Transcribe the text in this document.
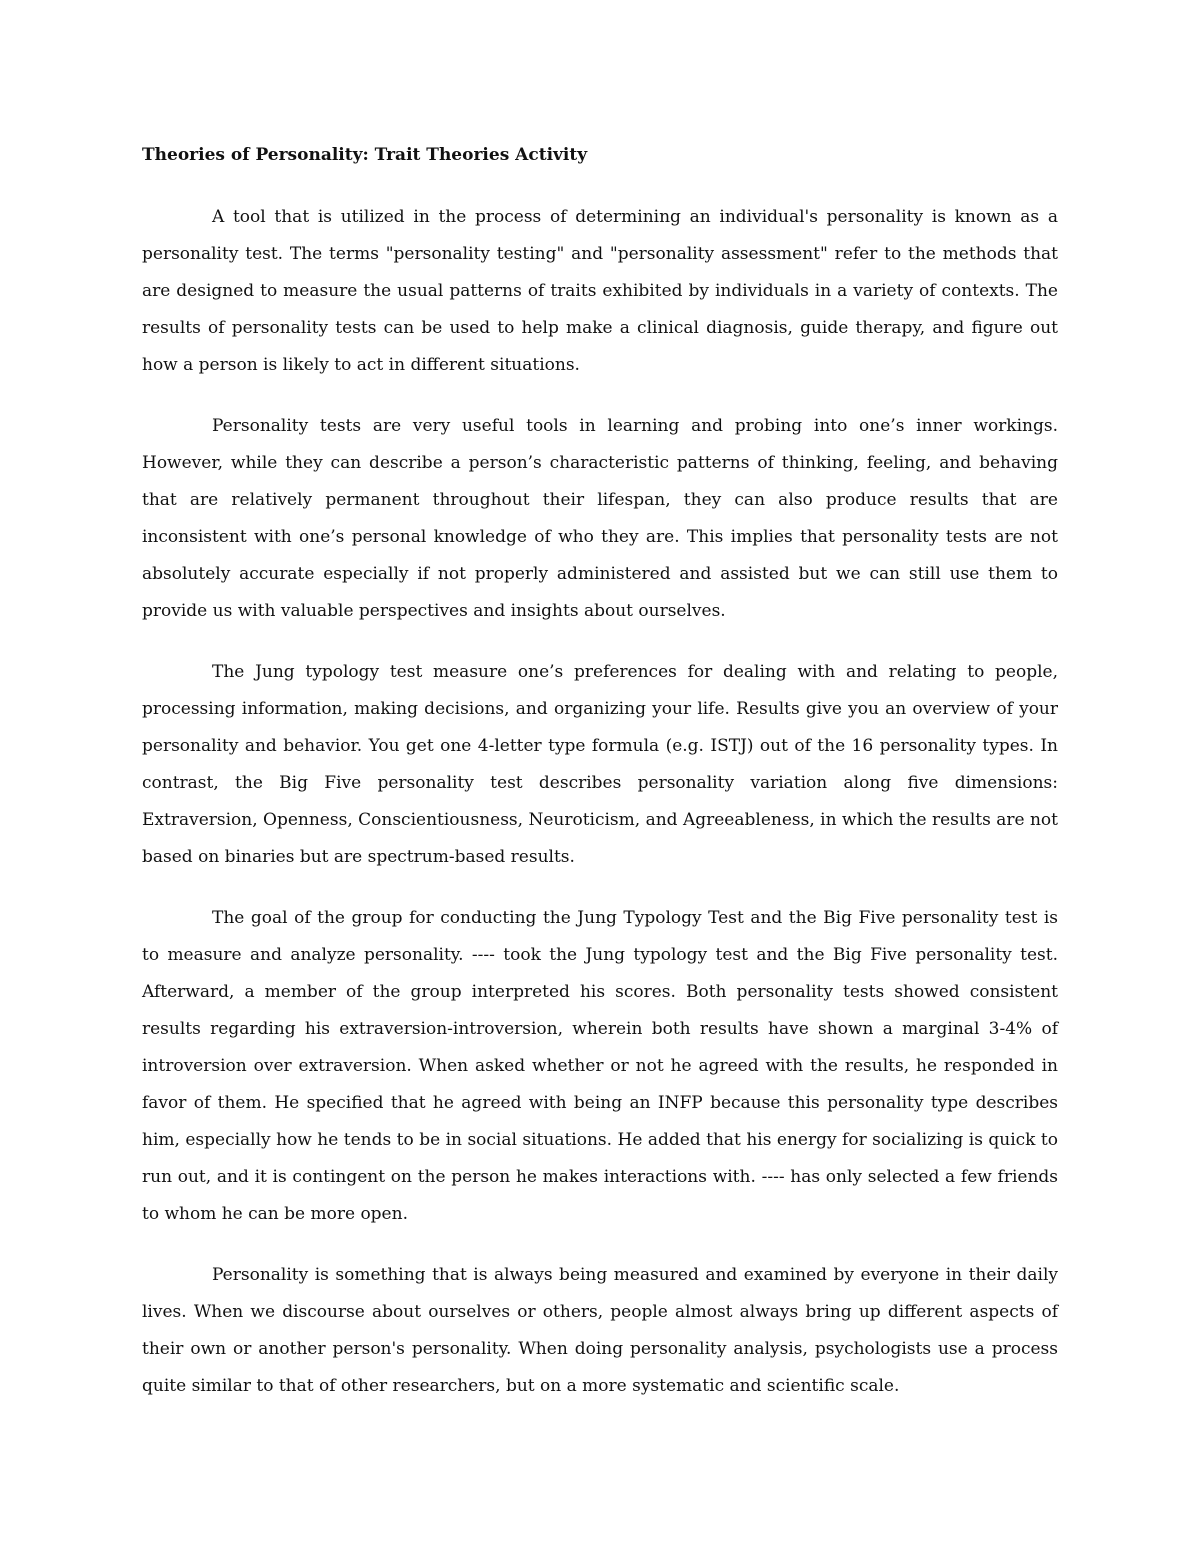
Theories of Personality: Trait Theories Activity

A tool that is utilized in the process of determining an individual's personality is known as a personality test. The terms "personality testing" and "personality assessment" refer to the methods that are designed to measure the usual patterns of traits exhibited by individuals in a variety of contexts. The results of personality tests can be used to help make a clinical diagnosis, guide therapy, and figure out how a person is likely to act in different situations.

Personality tests are very useful tools in learning and probing into one’s inner workings. However, while they can describe a person’s characteristic patterns of thinking, feeling, and behaving that are relatively permanent throughout their lifespan, they can also produce results that are inconsistent with one’s personal knowledge of who they are. This implies that personality tests are not absolutely accurate especially if not properly administered and assisted but we can still use them to provide us with valuable perspectives and insights about ourselves.

The Jung typology test measure one’s preferences for dealing with and relating to people, processing information, making decisions, and organizing your life. Results give you an overview of your personality and behavior. You get one 4-letter type formula (e.g. ISTJ) out of the 16 personality types. In contrast, the Big Five personality test describes personality variation along five dimensions: Extraversion, Openness, Conscientiousness, Neuroticism, and Agreeableness, in which the results are not based on binaries but are spectrum-based results.

The goal of the group for conducting the Jung Typology Test and the Big Five personality test is to measure and analyze personality. ---- took the Jung typology test and the Big Five personality test. Afterward, a member of the group interpreted his scores. Both personality tests showed consistent results regarding his extraversion-introversion, wherein both results have shown a marginal 3-4% of introversion over extraversion. When asked whether or not he agreed with the results, he responded in favor of them. He specified that he agreed with being an INFP because this personality type describes him, especially how he tends to be in social situations. He added that his energy for socializing is quick to run out, and it is contingent on the person he makes interactions with. ---- has only selected a few friends to whom he can be more open.

Personality is something that is always being measured and examined by everyone in their daily lives. When we discourse about ourselves or others, people almost always bring up different aspects of their own or another person's personality. When doing personality analysis, psychologists use a process quite similar to that of other researchers, but on a more systematic and scientific scale.
